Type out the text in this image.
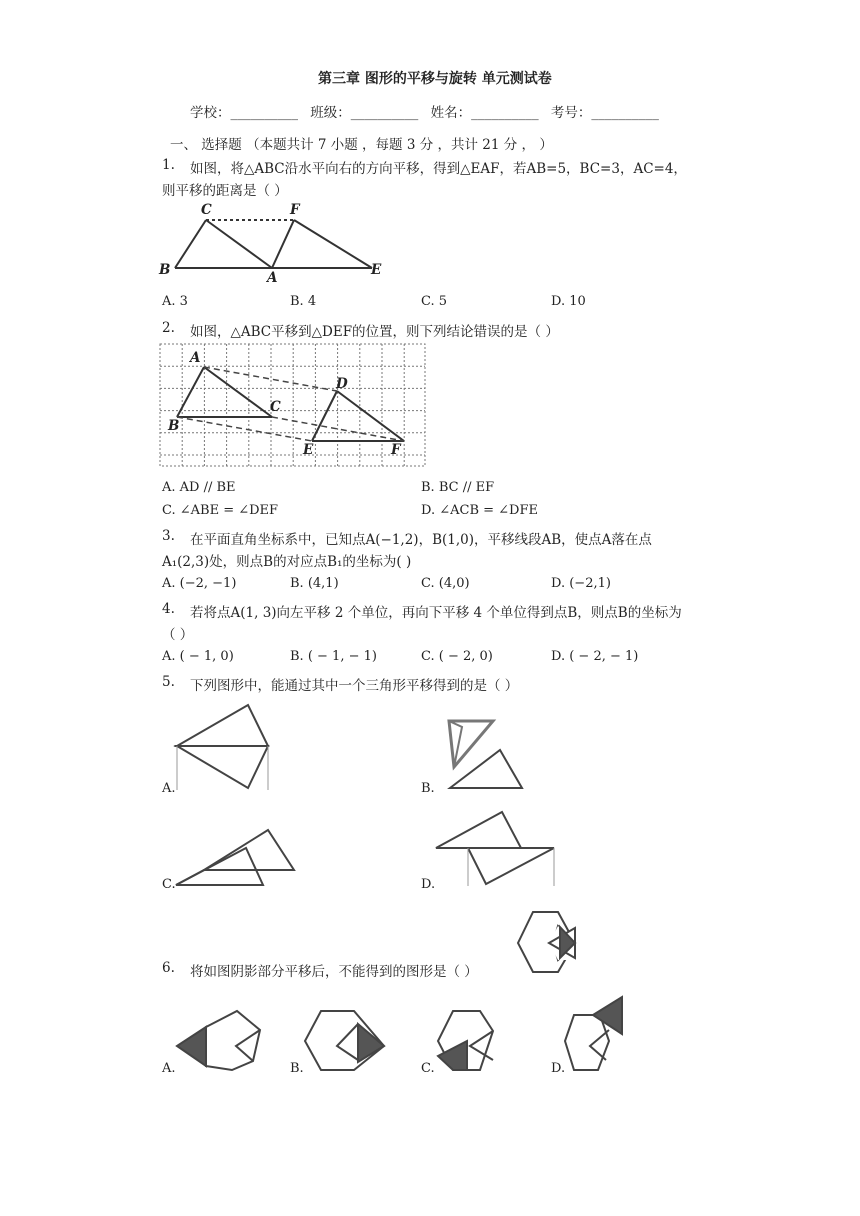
第三章 图形的平移与旋转 单元测试卷
学校：__________ 班级：__________ 姓名：__________ 考号：__________
一、 选择题 （本题共计 7 小题 ，每题 3 分 ，共计 21 分 ， ）
1. 如图，将△ABC沿水平向右的方向平移，得到△EAF，若AB=5，BC=3，AC=4，
则平移的距离是（ ）
C	F
B	A	E
A. 3	B. 4	C. 5	D. 10
2. 如图，△ABC平移到△DEF的位置，则下列结论错误的是（ ）
A
B
C
D
E	F
A. AD // BE	B. BC // EF
C. ∠ABE = ∠DEF	D. ∠ACB = ∠DFE
3. 在平面直角坐标系中，已知点A(−1,2)，B(1,0)，平移线段AB，使点A落在点
A₁(2,3)处，则点B的对应点B₁的坐标为( )
A. (−2, −1)	B. (4,1)	C. (4,0)	D. (−2,1)
4. 若将点A(1, 3)向左平移 2 个单位，再向下平移 4 个单位得到点B，则点B的坐标为
（ ）
A. ( − 1, 0)	B. ( − 1, − 1)	C. ( − 2, 0)	D. ( − 2, − 1)
5. 下列图形中，能通过其中一个三角形平移得到的是（ ）
A.	B.
C.	D.
6. 将如图阴影部分平移后，不能得到的图形是（ ）
A.	B.	C.	D.
